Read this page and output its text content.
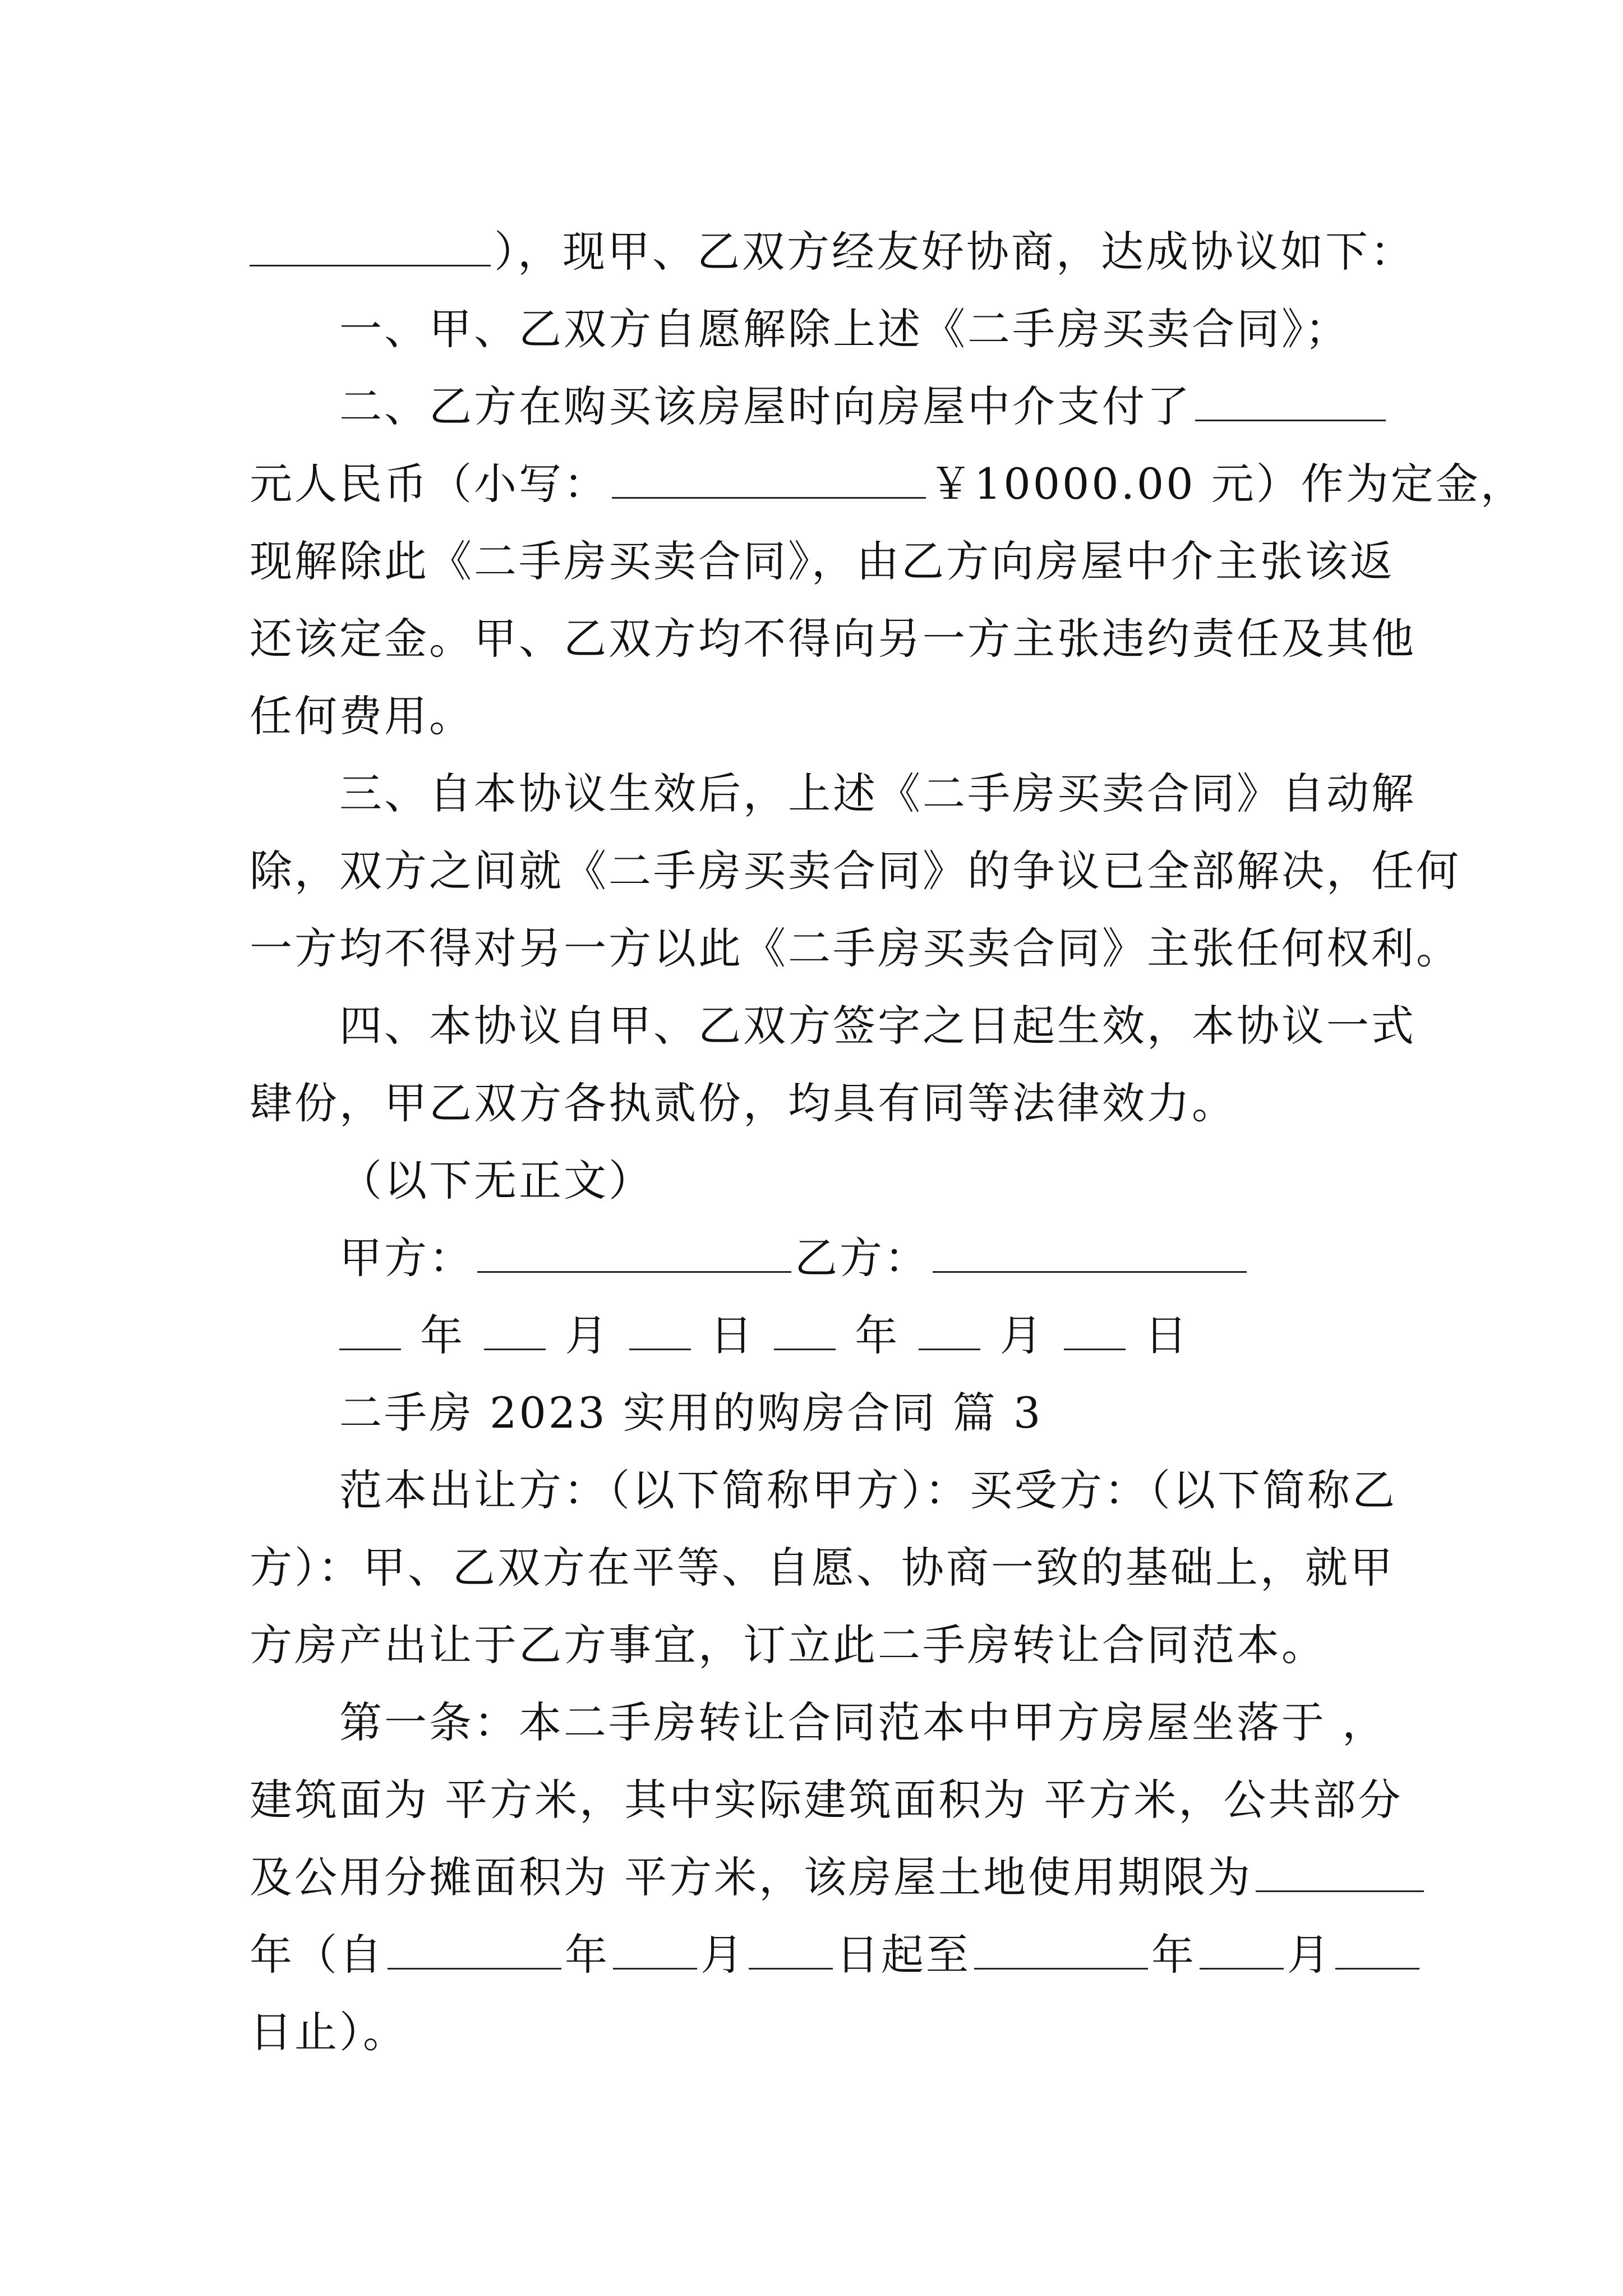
），现甲、乙双方经友好协商，达成协议如下：
一、甲、乙双方自愿解除上述《二手房买卖合同》；
二、乙方在购买该房屋时向房屋中介支付了
元人民币（小写：	￥10000.00 元）作为定金，
现解除此《二手房买卖合同》，由乙方向房屋中介主张该返
还该定金。甲、乙双方均不得向另一方主张违约责任及其他
任何费用。
三、自本协议生效后，上述《二手房买卖合同》自动解
除，双方之间就《二手房买卖合同》的争议已全部解决，任何
一方均不得对另一方以此《二手房买卖合同》主张任何权利。
四、本协议自甲、乙双方签字之日起生效，本协议一式
肆份，甲乙双方各执贰份，均具有同等法律效力。
（以下无正文）
甲方：	乙方：
年 月 日 年 月 日
二手房 2023 实用的购房合同 篇 3
范本出让方：（以下简称甲方）：买受方：（以下简称乙
方）：甲、乙双方在平等、自愿、协商一致的基础上，就甲
方房产出让于乙方事宜，订立此二手房转让合同范本。
第一条：本二手房转让合同范本中甲方房屋坐落于 ，
建筑面为 平方米，其中实际建筑面积为 平方米，公共部分
及公用分摊面积为 平方米，该房屋土地使用期限为
年（自	年 月 日起至	年 月
日止）。
